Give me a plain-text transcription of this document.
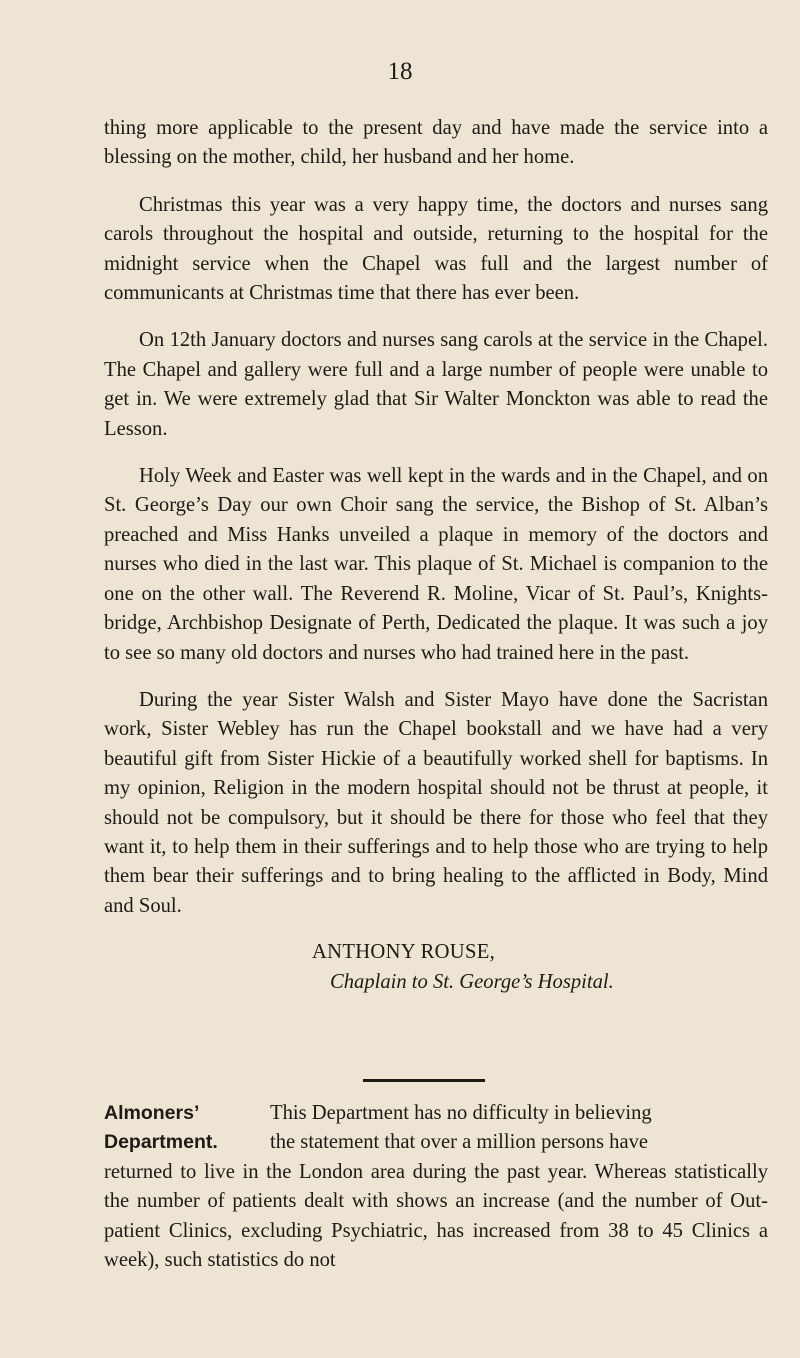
18

thing more applicable to the present day and have made the service into a blessing on the mother, child, her husband and her home.

Christmas this year was a very happy time, the doctors and nurses sang carols throughout the hospital and outside, returning to the hospital for the midnight service when the Chapel was full and the largest number of communicants at Christmas time that there has ever been.

On 12th January doctors and nurses sang carols at the service in the Chapel. The Chapel and gallery were full and a large number of people were unable to get in. We were extremely glad that Sir Walter Monckton was able to read the Lesson.

Holy Week and Easter was well kept in the wards and in the Chapel, and on St. George’s Day our own Choir sang the service, the Bishop of St. Alban’s preached and Miss Hanks unveiled a plaque in memory of the doctors and nurses who died in the last war. This plaque of St. Michael is companion to the one on the other wall. The Reverend R. Moline, Vicar of St. Paul’s, Knights- bridge, Archbishop Designate of Perth, Dedicated the plaque. It was such a joy to see so many old doctors and nurses who had trained here in the past.

During the year Sister Walsh and Sister Mayo have done the Sacristan work, Sister Webley has run the Chapel bookstall and we have had a very beautiful gift from Sister Hickie of a beautifully worked shell for baptisms. In my opinion, Religion in the modern hospital should not be thrust at people, it should not be compulsory, but it should be there for those who feel that they want it, to help them in their sufferings and to help those who are trying to help them bear their sufferings and to bring healing to the afflicted in Body, Mind and Soul.

ANTHONY ROUSE,
Chaplain to St. George’s Hospital.
Almoners’
Department.
This Department has no difficulty in believing
the statement that over a million persons have
returned to live in the London area during the past year. Whereas statistically the number of patients dealt with shows an increase (and the number of Out-patient Clinics, excluding Psychiatric, has increased from 38 to 45 Clinics a week), such statistics do not
